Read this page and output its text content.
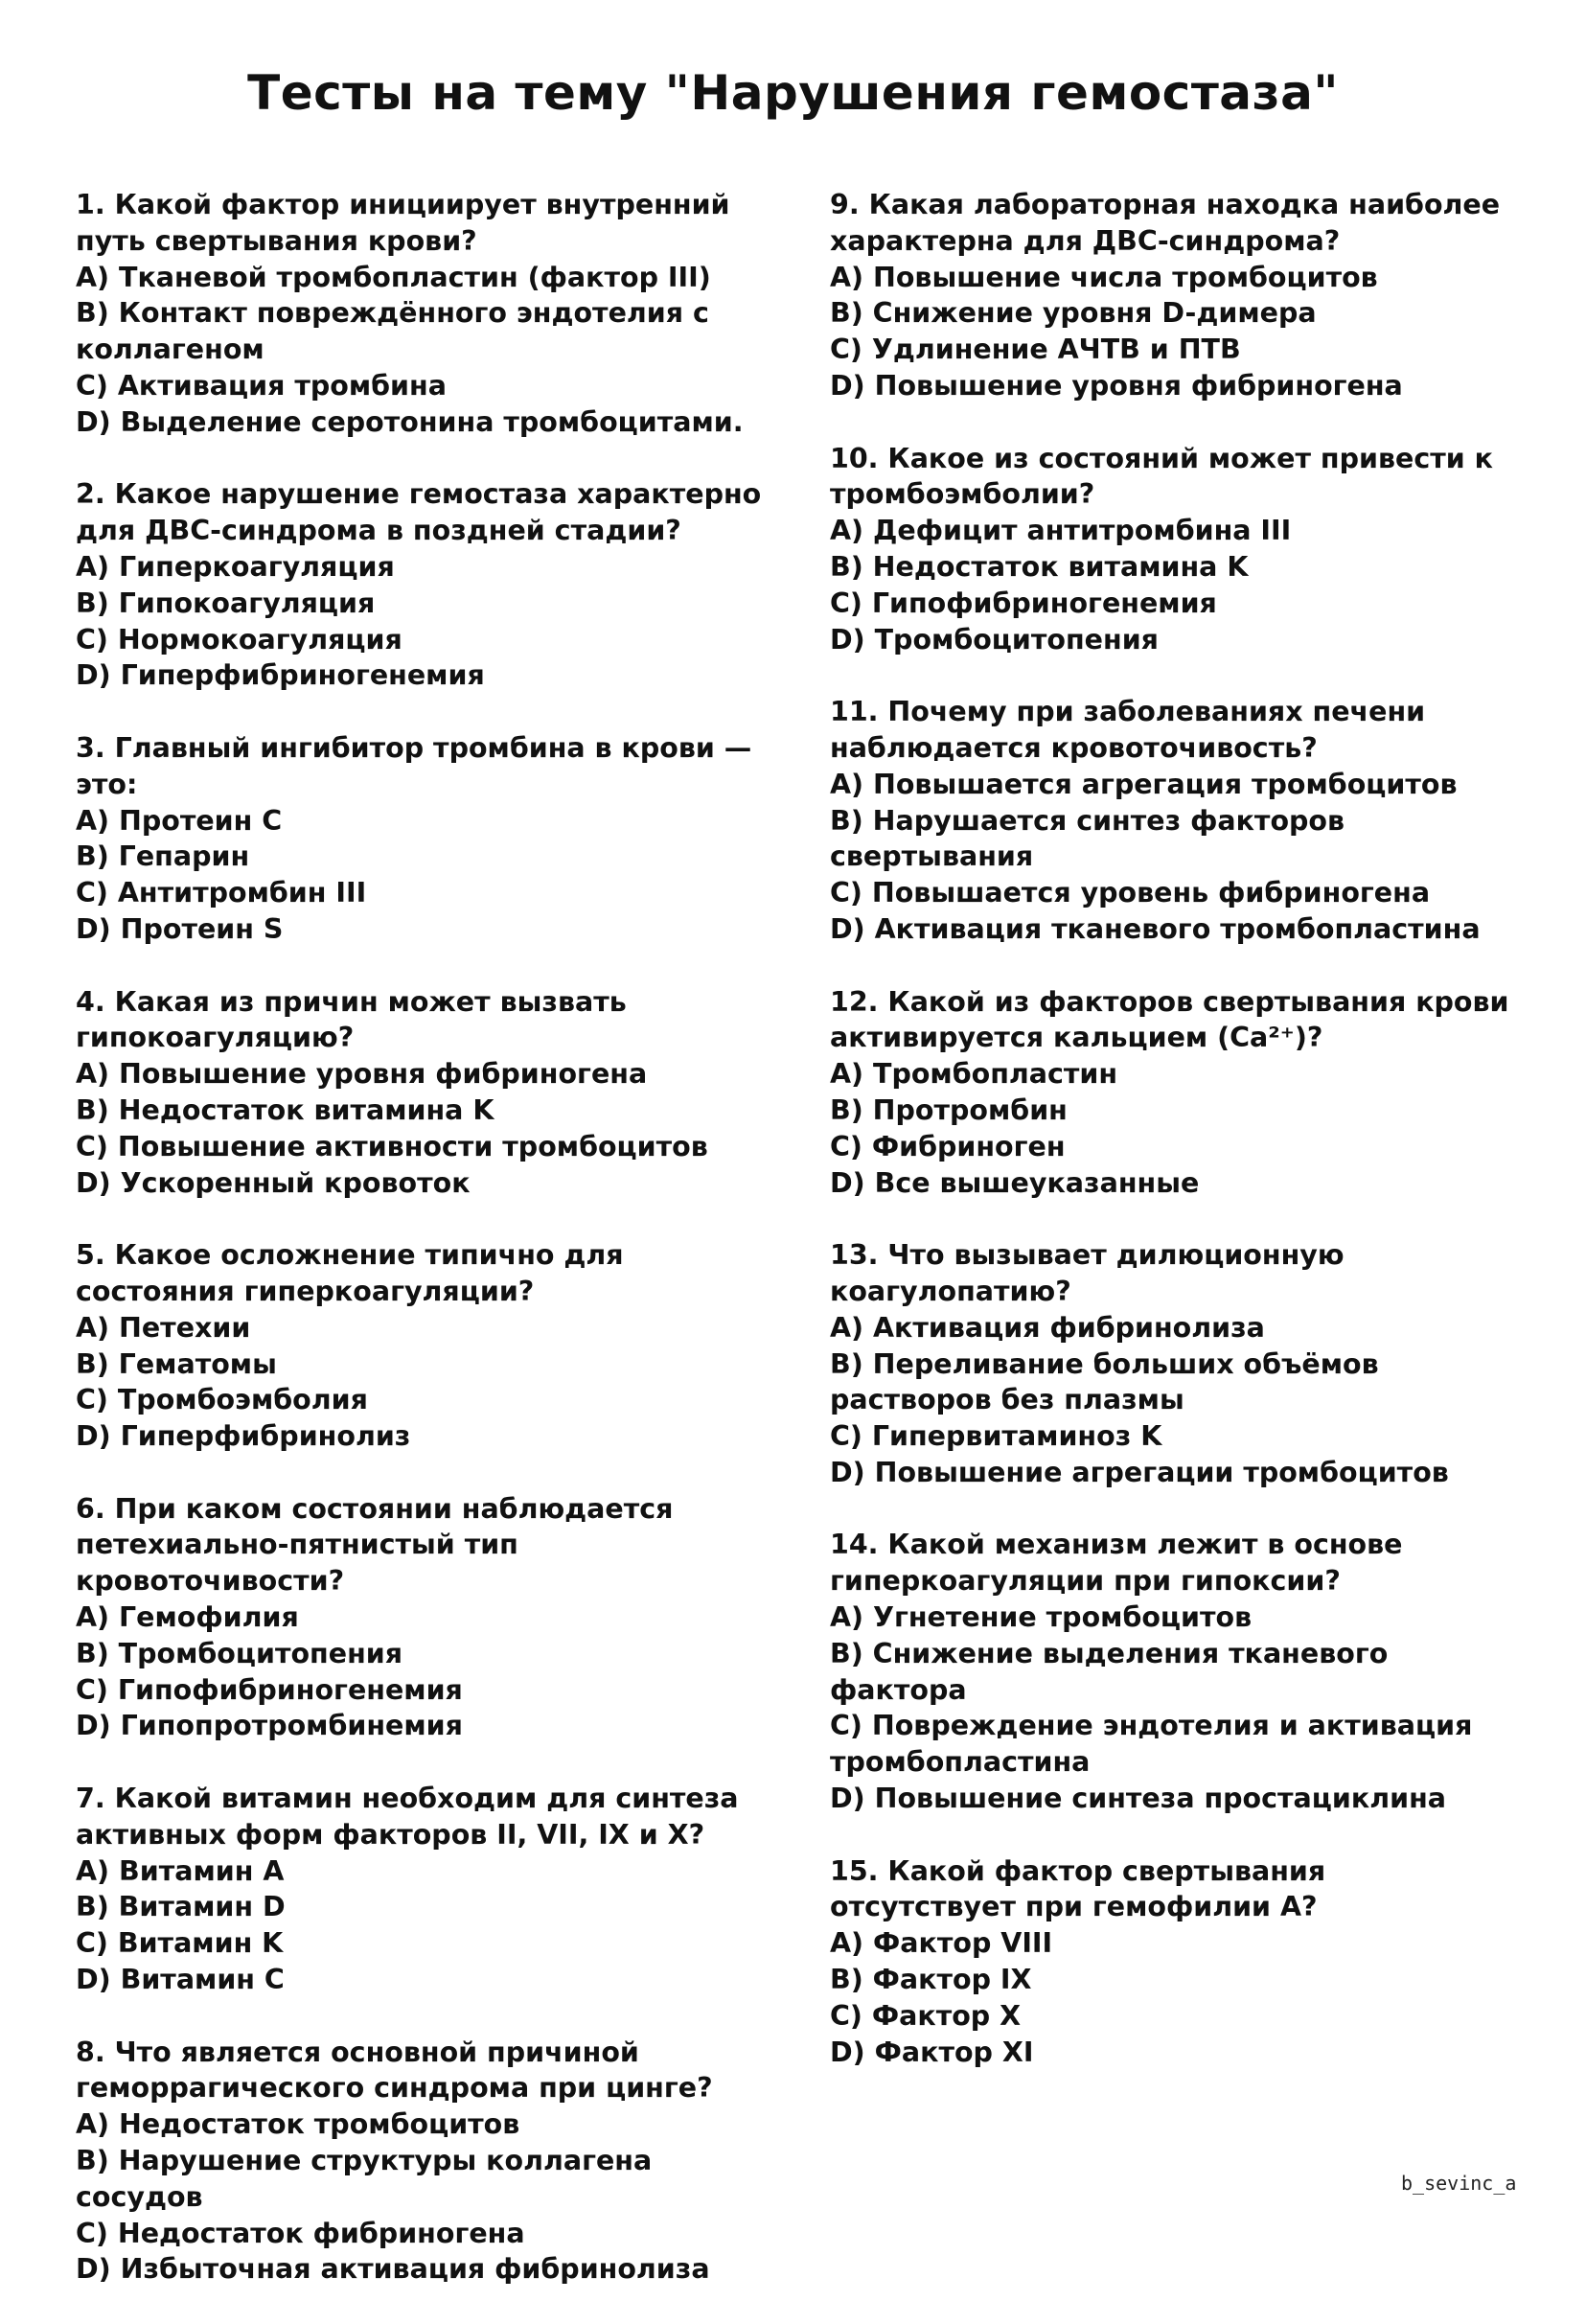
Тесты на тему "Нарушения гемостаза"
1. Какой фактор инициирует внутренний путь свертывания крови?
A) Тканевой тромбопластин (фактор III)
B) Контакт повреждённого эндотелия с коллагеном
C) Активация тромбина
D) Выделение серотонина тромбоцитами.
2. Какое нарушение гемостаза характерно для ДВС-синдрома в поздней стадии?
A) Гиперкоагуляция
B) Гипокоагуляция
C) Нормокоагуляция
D) Гиперфибриногенемия
3. Главный ингибитор тромбина в крови — это:
A) Протеин C
B) Гепарин
C) Антитромбин III
D) Протеин S
4. Какая из причин может вызвать гипокоагуляцию?
A) Повышение уровня фибриногена
B) Недостаток витамина K
C) Повышение активности тромбоцитов
D) Ускоренный кровоток
5. Какое осложнение типично для состояния гиперкоагуляции?
A) Петехии
B) Гематомы
C) Тромбоэмболия
D) Гиперфибринолиз
6. При каком состоянии наблюдается петехиально-пятнистый тип кровоточивости?
A) Гемофилия
B) Тромбоцитопения
C) Гипофибриногенемия
D) Гипопротромбинемия
7. Какой витамин необходим для синтеза активных форм факторов II, VII, IX и X?
A) Витамин A
B) Витамин D
C) Витамин K
D) Витамин C
8. Что является основной причиной геморрагического синдрома при цинге?
A) Недостаток тромбоцитов
B) Нарушение структуры коллагена сосудов
C) Недостаток фибриногена
D) Избыточная активация фибринолиза
9. Какая лабораторная находка наиболее характерна для ДВС-синдрома?
A) Повышение числа тромбоцитов
B) Снижение уровня D-димера
C) Удлинение АЧТВ и ПТВ
D) Повышение уровня фибриногена
10. Какое из состояний может привести к тромбоэмболии?
A) Дефицит антитромбина III
B) Недостаток витамина K
C) Гипофибриногенемия
D) Тромбоцитопения
11. Почему при заболеваниях печени наблюдается кровоточивость?
A) Повышается агрегация тромбоцитов
B) Нарушается синтез факторов свертывания
C) Повышается уровень фибриногена
D) Активация тканевого тромбопластина
12. Какой из факторов свертывания крови активируется кальцием (Ca²⁺)?
A) Тромбопластин
B) Протромбин
C) Фибриноген
D) Все вышеуказанные
13. Что вызывает дилюционную коагулопатию?
A) Активация фибринолиза
B) Переливание больших объёмов растворов без плазмы
C) Гипервитаминоз K
D) Повышение агрегации тромбоцитов
14. Какой механизм лежит в основе гиперкоагуляции при гипоксии?
A) Угнетение тромбоцитов
B) Снижение выделения тканевого фактора
C) Повреждение эндотелия и активация тромбопластина
D) Повышение синтеза простациклина
15. Какой фактор свертывания отсутствует при гемофилии A?
A) Фактор VIII
B) Фактор IX
C) Фактор X
D) Фактор XI
b_sevinc_a
